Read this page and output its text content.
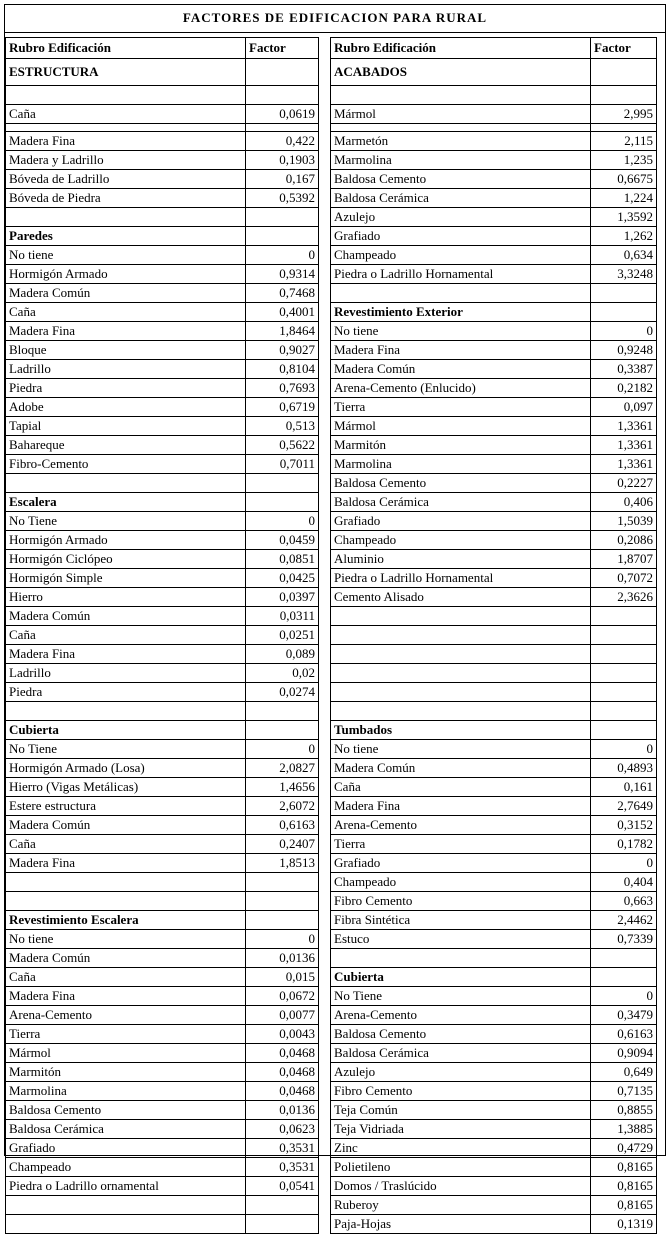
FACTORES DE EDIFICACION PARA RURAL
Rubro Edificación	Factor
ESTRUCTURA	

Caña	0,0619

Madera Fina	0,422
Madera y Ladrillo	0,1903
Bóveda de Ladrillo	0,167
Bóveda de Piedra	0,5392

Paredes	
No tiene	0
Hormigón Armado	0,9314
Madera Común	0,7468
Caña	0,4001
Madera Fina	1,8464
Bloque	0,9027
Ladrillo	0,8104
Piedra	0,7693
Adobe	0,6719
Tapial	0,513
Bahareque	0,5622
Fibro-Cemento	0,7011

Escalera	
No Tiene	0
Hormigón Armado	0,0459
Hormigón Ciclópeo	0,0851
Hormigón Simple	0,0425
Hierro	0,0397
Madera Común	0,0311
Caña	0,0251
Madera Fina	0,089
Ladrillo	0,02
Piedra	0,0274

Cubierta	
No Tiene	0
Hormigón Armado (Losa)	2,0827
Hierro (Vigas Metálicas)	1,4656
Estere estructura	2,6072
Madera Común	0,6163
Caña	0,2407
Madera Fina	1,8513

Revestimiento Escalera	
No tiene	0
Madera Común	0,0136
Caña	0,015
Madera Fina	0,0672
Arena-Cemento	0,0077
Tierra	0,0043
Mármol	0,0468
Marmitón	0,0468
Marmolina	0,0468
Baldosa Cemento	0,0136
Baldosa Cerámica	0,0623
Grafiado	0,3531
Champeado	0,3531
Piedra o Ladrillo ornamental	0,0541

Rubro Edificación	Factor
ACABADOS	

Mármol	2,995

Marmetón	2,115
Marmolina	1,235
Baldosa Cemento	0,6675
Baldosa Cerámica	1,224
Azulejo	1,3592
Grafiado	1,262
Champeado	0,634
Piedra o Ladrillo Hornamental	3,3248

Revestimiento Exterior	
No tiene	0
Madera Fina	0,9248
Madera Común	0,3387
Arena-Cemento (Enlucido)	0,2182
Tierra	0,097
Mármol	1,3361
Marmitón	1,3361
Marmolina	1,3361
Baldosa Cemento	0,2227
Baldosa Cerámica	0,406
Grafiado	1,5039
Champeado	0,2086
Aluminio	1,8707
Piedra o Ladrillo Hornamental	0,7072
Cemento Alisado	2,3626

Tumbados	
No tiene	0
Madera Común	0,4893
Caña	0,161
Madera Fina	2,7649
Arena-Cemento	0,3152
Tierra	0,1782
Grafiado	0
Champeado	0,404
Fibro Cemento	0,663
Fibra Sintética	2,4462
Estuco	0,7339

Cubierta	
No Tiene	0
Arena-Cemento	0,3479
Baldosa Cemento	0,6163
Baldosa Cerámica	0,9094
Azulejo	0,649
Fibro Cemento	0,7135
Teja Común	0,8855
Teja Vidriada	1,3885
Zinc	0,4729
Polietileno	0,8165
Domos / Traslúcido	0,8165
Ruberoy	0,8165
Paja-Hojas	0,1319
